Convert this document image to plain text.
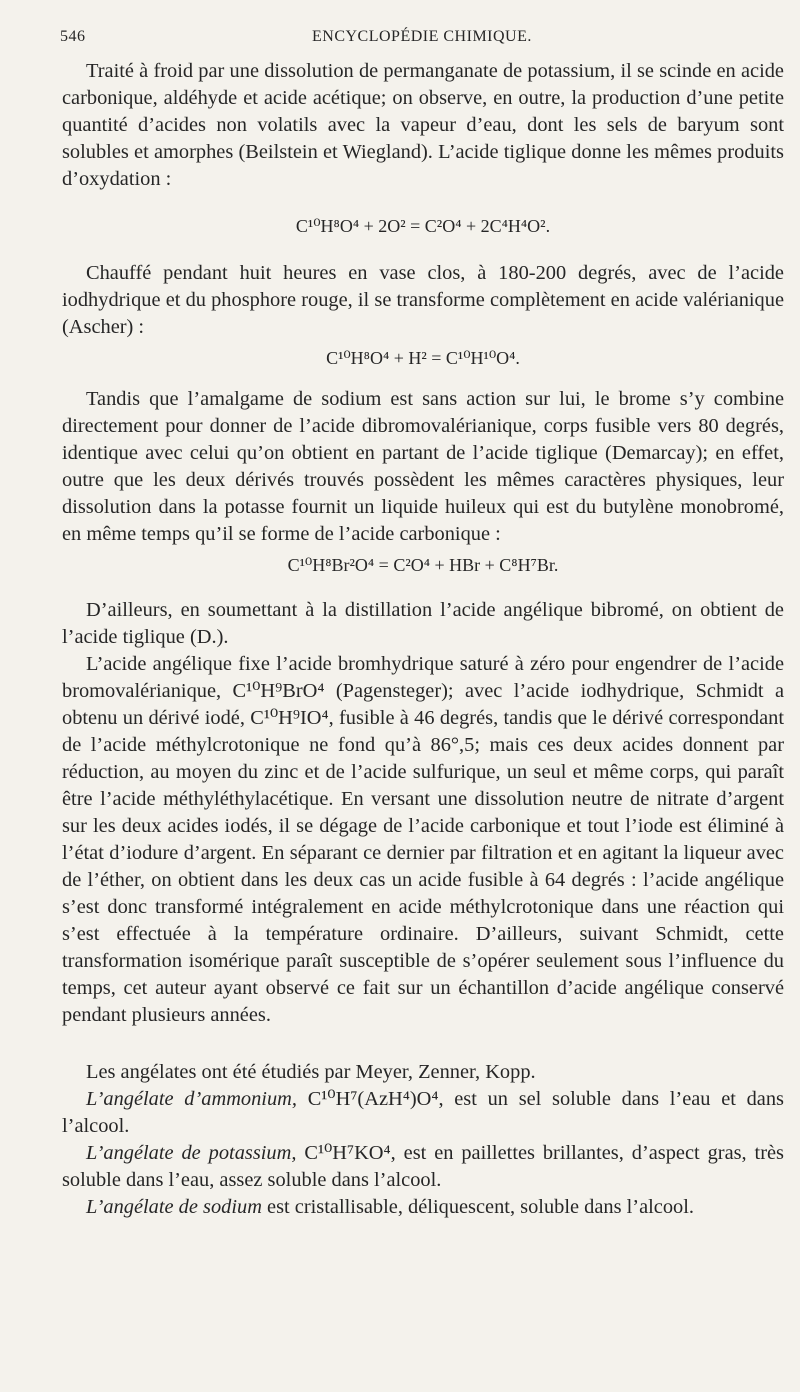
546	ENCYCLOPÉDIE CHIMIQUE.

Traité à froid par une dissolution de permanganate de potassium, il se scinde en acide carbonique, aldéhyde et acide acétique; on observe, en outre, la production d’une petite quantité d’acides non volatils avec la vapeur d’eau, dont les sels de baryum sont solubles et amorphes (Beilstein et Wiegland). L’acide tiglique donne les mêmes produits d’oxydation :

C¹⁰H⁸O⁴ + 2O² = C²O⁴ + 2C⁴H⁴O².

Chauffé pendant huit heures en vase clos, à 180-200 degrés, avec de l’acide iodhydrique et du phosphore rouge, il se transforme complètement en acide valérianique (Ascher) :

C¹⁰H⁸O⁴ + H² = C¹⁰H¹⁰O⁴.

Tandis que l’amalgame de sodium est sans action sur lui, le brome s’y combine directement pour donner de l’acide dibromovalérianique, corps fusible vers 80 degrés, identique avec celui qu’on obtient en partant de l’acide tiglique (Demarcay); en effet, outre que les deux dérivés trouvés possèdent les mêmes caractères physiques, leur dissolution dans la potasse fournit un liquide huileux qui est du butylène monobromé, en même temps qu’il se forme de l’acide carbonique :

C¹⁰H⁸Br²O⁴ = C²O⁴ + HBr + C⁸H⁷Br.

D’ailleurs, en soumettant à la distillation l’acide angélique bibromé, on obtient de l’acide tiglique (D.).

L’acide angélique fixe l’acide bromhydrique saturé à zéro pour engendrer de l’acide bromovalérianique, C¹⁰H⁹BrO⁴ (Pagensteger); avec l’acide iodhydrique, Schmidt a obtenu un dérivé iodé, C¹⁰H⁹IO⁴, fusible à 46 degrés, tandis que le dérivé correspondant de l’acide méthylcrotonique ne fond qu’à 86°,5; mais ces deux acides donnent par réduction, au moyen du zinc et de l’acide sulfurique, un seul et même corps, qui paraît être l’acide méthyléthylacétique. En versant une dissolution neutre de nitrate d’argent sur les deux acides iodés, il se dégage de l’acide carbonique et tout l’iode est éliminé à l’état d’iodure d’argent. En séparant ce dernier par filtration et en agitant la liqueur avec de l’éther, on obtient dans les deux cas un acide fusible à 64 degrés : l’acide angélique s’est donc transformé intégralement en acide méthylcrotonique dans une réaction qui s’est effectuée à la température ordinaire. D’ailleurs, suivant Schmidt, cette transformation isomérique paraît susceptible de s’opérer seulement sous l’influence du temps, cet auteur ayant observé ce fait sur un échantillon d’acide angélique conservé pendant plusieurs années.

Les angélates ont été étudiés par Meyer, Zenner, Kopp.

L’angélate d’ammonium, C¹⁰H⁷(AzH⁴)O⁴, est un sel soluble dans l’eau et dans l’alcool.

L’angélate de potassium, C¹⁰H⁷KO⁴, est en paillettes brillantes, d’aspect gras, très soluble dans l’eau, assez soluble dans l’alcool.

L’angélate de sodium est cristallisable, déliquescent, soluble dans l’alcool.
